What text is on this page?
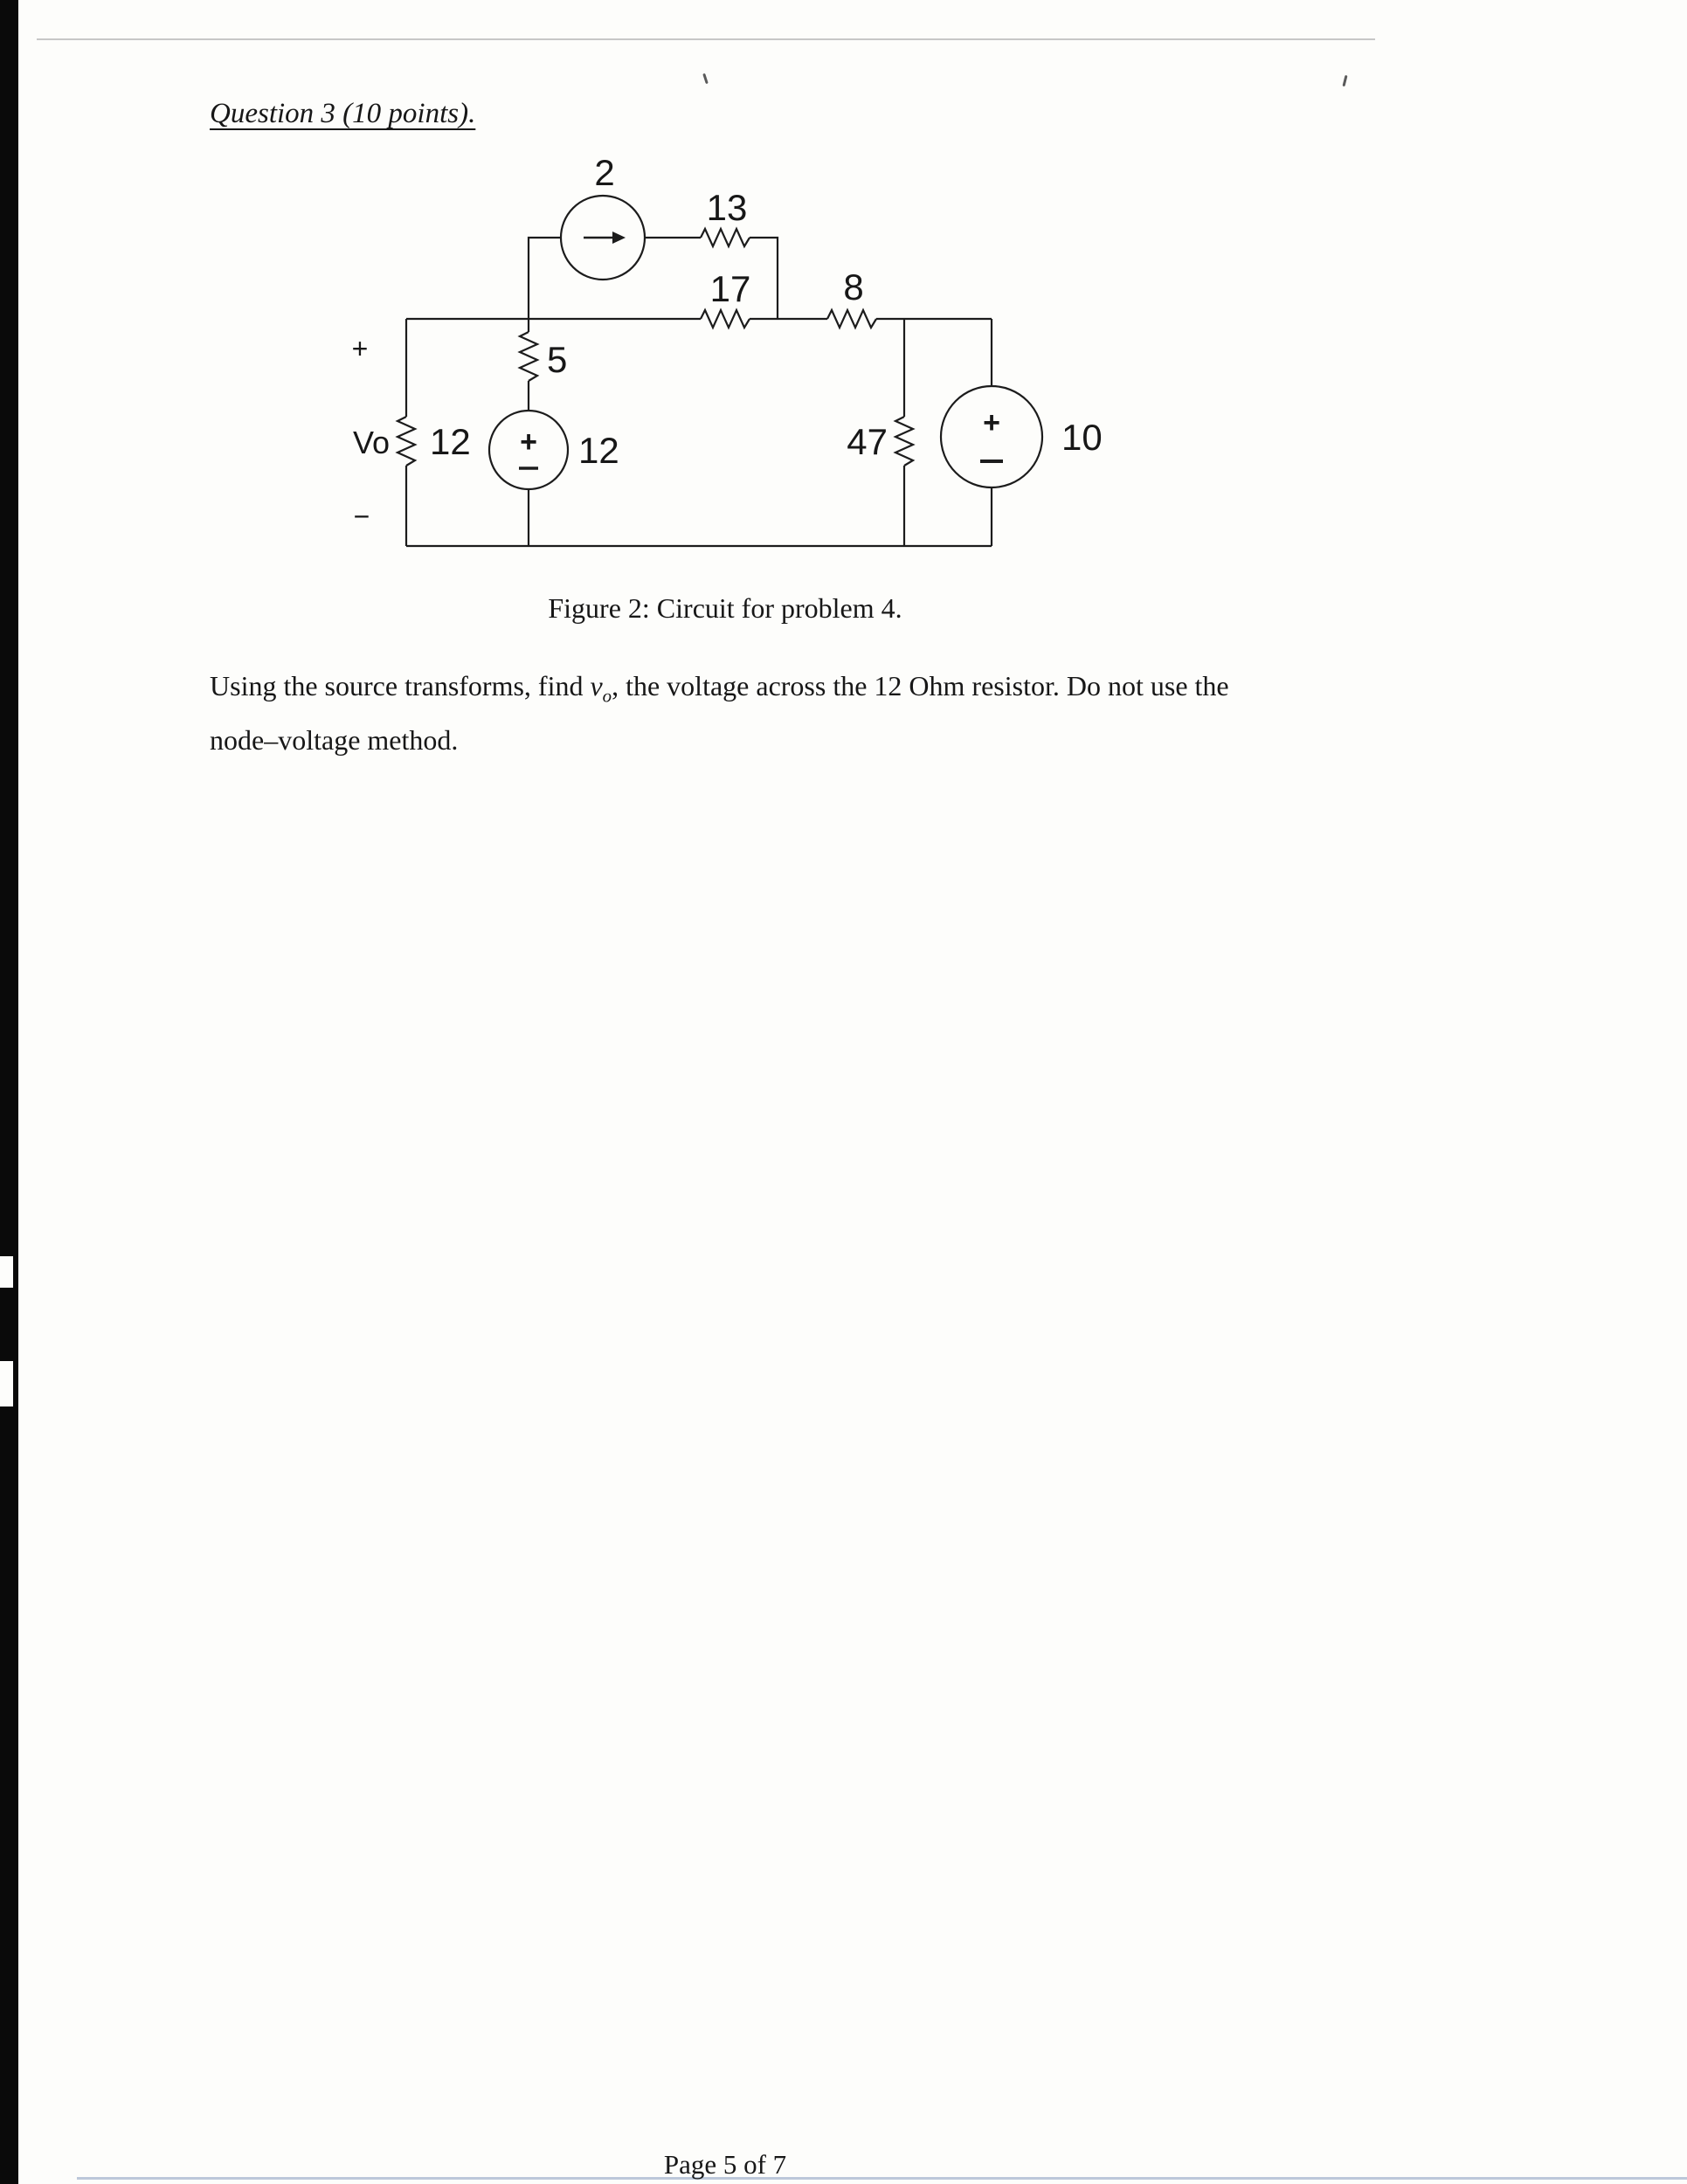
Question 3 (10 points).
+
+
2
13
17	8
5
12	12	47	10
Vo
+
−
Figure 2: Circuit for problem 4.
Using the source transforms, find $v_o$, the voltage across the 12 Ohm resistor. Do not use the
node–voltage method.
Page 5 of 7
